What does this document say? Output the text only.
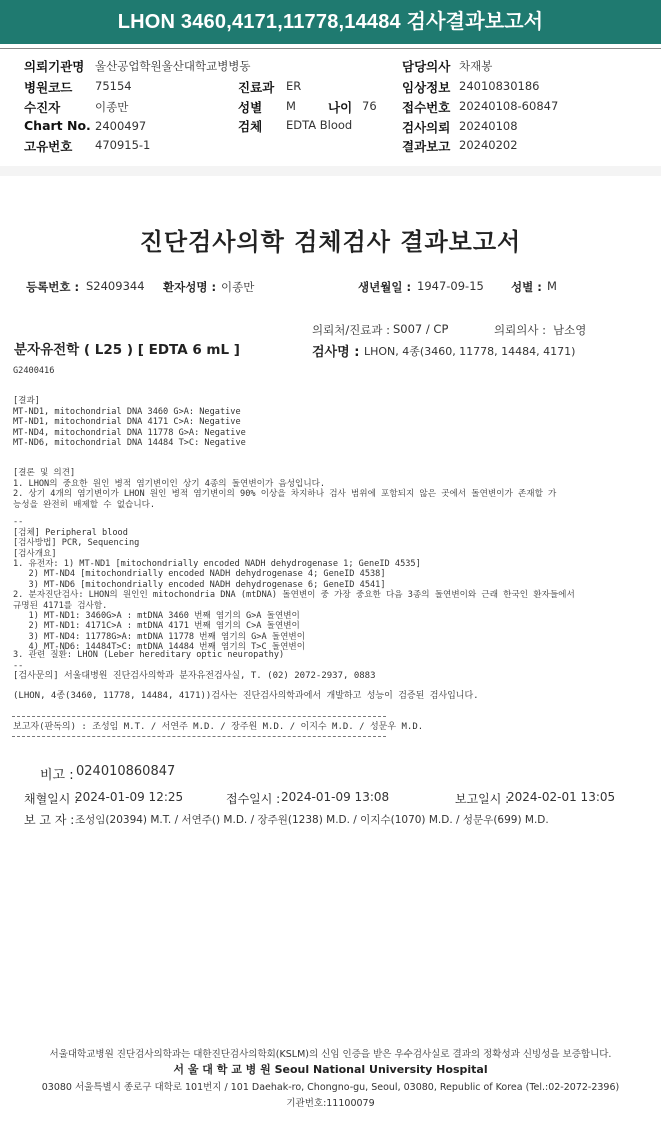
LHON 3460,4171,11778,14484 검사결과보고서
의뢰기관명 울산공업학원울산대학교병병동	담당의사 차재봉
병원코드 75154	진료과 ER	임상정보 24010830186
수진자	이종만	성별 M	나이 76 접수번호 20240108-60847
Chart No. 2400497	검체 EDTA Blood	검사의뢰 20240108
고유번호 470915-1	결과보고 20240202
진단검사의학 검체검사 결과보고서
등록번호 : S2409344 환자성명 : 이종만	생년월일 : 1947-09-15 성별 : M
의뢰처/진료과 : S007 / CP	의뢰의사 : 남소영
분자유전학 ( L25 ) [ EDTA 6 mL ]	검사명 : LHON, 4종(3460, 11778, 14484, 4171)
G2400416

[결과]
MT-ND1, mitochondrial DNA 3460 G>A: Negative
MT-ND1, mitochondrial DNA 4171 C>A: Negative
MT-ND4, mitochondrial DNA 11778 G>A: Negative
MT-ND6, mitochondrial DNA 14484 T>C: Negative

[결론 및 의견]
1. LHON의 중요한 원인 병적 염기변이인 상기 4종의 돌연변이가 음성입니다.
2. 상기 4개의 염기변이가 LHON 원인 병적 염기변이의 90% 이상을 차지하나 검사 범위에 포함되지 않은 곳에서 돌연변이가 존재할 가
능성을 완전히 배제할 수 없습니다.

--
[검체] Peripheral blood
[검사방법] PCR, Sequencing
[검사개요]
1. 유전자: 1) MT-ND1 [mitochondrially encoded NADH dehydrogenase 1; GeneID 4535]
2) MT-ND4 [mitochondrially encoded NADH dehydrogenase 4; GeneID 4538]
3) MT-ND6 [mitochondrially encoded NADH dehydrogenase 6; GeneID 4541]
2. 분자진단검사: LHON의 원인인 mitochondria DNA (mtDNA) 돌연변이 중 가장 중요한 다음 3종의 돌연변이와 근래 한국인 환자들에서
규명된 4171를 검사함.
1) MT-ND1: 3460G>A : mtDNA 3460 번째 염기의 G>A 돌연변이
2) MT-ND1: 4171C>A : mtDNA 4171 번째 염기의 C>A 돌연변이
3) MT-ND4: 11778G>A: mtDNA 11778 번째 염기의 G>A 돌연변이
4) MT-ND6: 14484T>C: mtDNA 14484 번째 염기의 T>C 돌연변이

3. 관련 질환: LHON (Leber hereditary optic neuropathy)
--
[검사문의] 서울대병원 진단검사의학과 분자유전검사실, T. (02) 2072-2937, 0883
(LHON, 4종(3460, 11778, 14484, 4171))검사는 진단검사의학과에서 개발하고 성능이 검증된 검사입니다.
보고자(판독의) : 조성임 M.T. / 서연주 M.D. / 장주원 M.D. / 이지수 M.D. / 성문우 M.D.
비고 : 024010860847
채혈일시 :
2024-01-09 12:25	접수일시 : 2024-01-09 13:08	보고일시 :
2024-02-01 13:05
보 고 자 : 조성임(20394) M.T. / 서연주() M.D. / 장주원(1238) M.D. / 이지수(1070) M.D. / 성문우(699) M.D.
서울대학교병원 진단검사의학과는 대한진단검사의학회(KSLM)의 신임 인증을 받은 우수검사실로 결과의 정확성과 신빙성을 보증합니다.
서 울 대 학 교 병 원 Seoul National University Hospital
03080 서울특별시 종로구 대학로 101번지 / 101 Daehak-ro, Chongno-gu, Seoul, 03080, Republic of Korea (Tel.:02-2072-2396)
기관번호:11100079
